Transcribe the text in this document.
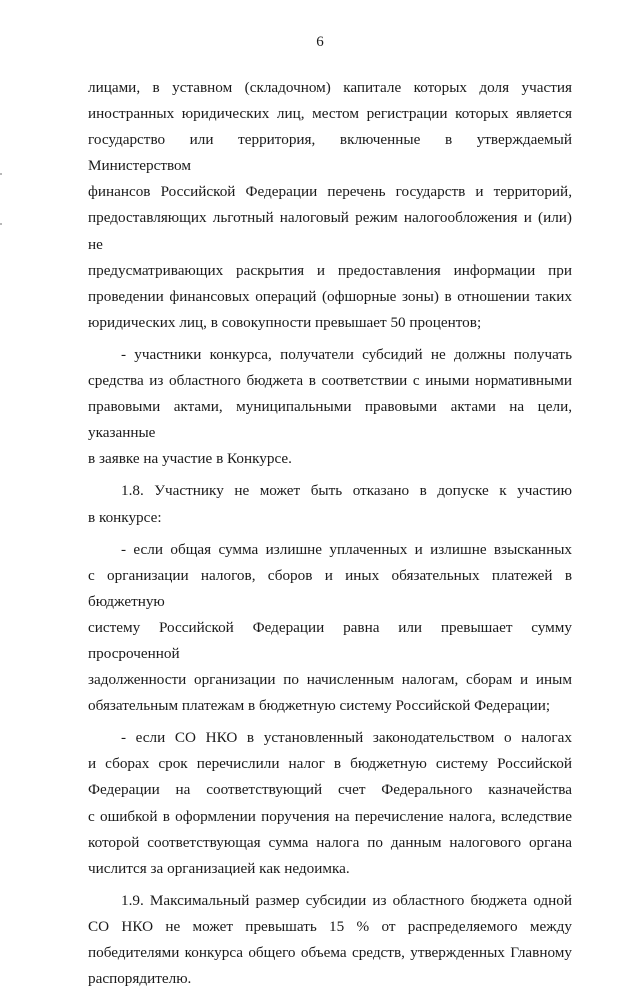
6
лицами, в уставном (складочном) капитале которых доля участия
иностранных юридических лиц, местом регистрации которых является
государство или территория, включенные в утверждаемый Министерством
финансов Российской Федерации перечень государств и территорий,
предоставляющих льготный налоговый режим налогообложения и (или) не
предусматривающих раскрытия и предоставления информации при
проведении финансовых операций (офшорные зоны) в отношении таких
юридических лиц, в совокупности превышает 50 процентов;
- участники конкурса, получатели субсидий не должны получать
средства из областного бюджета в соответствии с иными нормативными
правовыми актами, муниципальными правовыми актами на цели, указанные
в заявке на участие в Конкурсе.
1.8. Участнику не может быть отказано в допуске к участию
в конкурсе:
- если общая сумма излишне уплаченных и излишне взысканных
с организации налогов, сборов и иных обязательных платежей в бюджетную
систему Российской Федерации равна или превышает сумму просроченной
задолженности организации по начисленным налогам, сборам и иным
обязательным платежам в бюджетную систему Российской Федерации;
- если СО НКО в установленный законодательством о налогах
и сборах срок перечислили налог в бюджетную систему Российской
Федерации на соответствующий счет Федерального казначейства
с ошибкой в оформлении поручения на перечисление налога, вследствие
которой соответствующая сумма налога по данным налогового органа
числится за организацией как недоимка.
1.9. Максимальный размер субсидии из областного бюджета одной
СО НКО не может превышать 15 % от распределяемого между
победителями конкурса общего объема средств, утвержденных Главному
распорядителю.
